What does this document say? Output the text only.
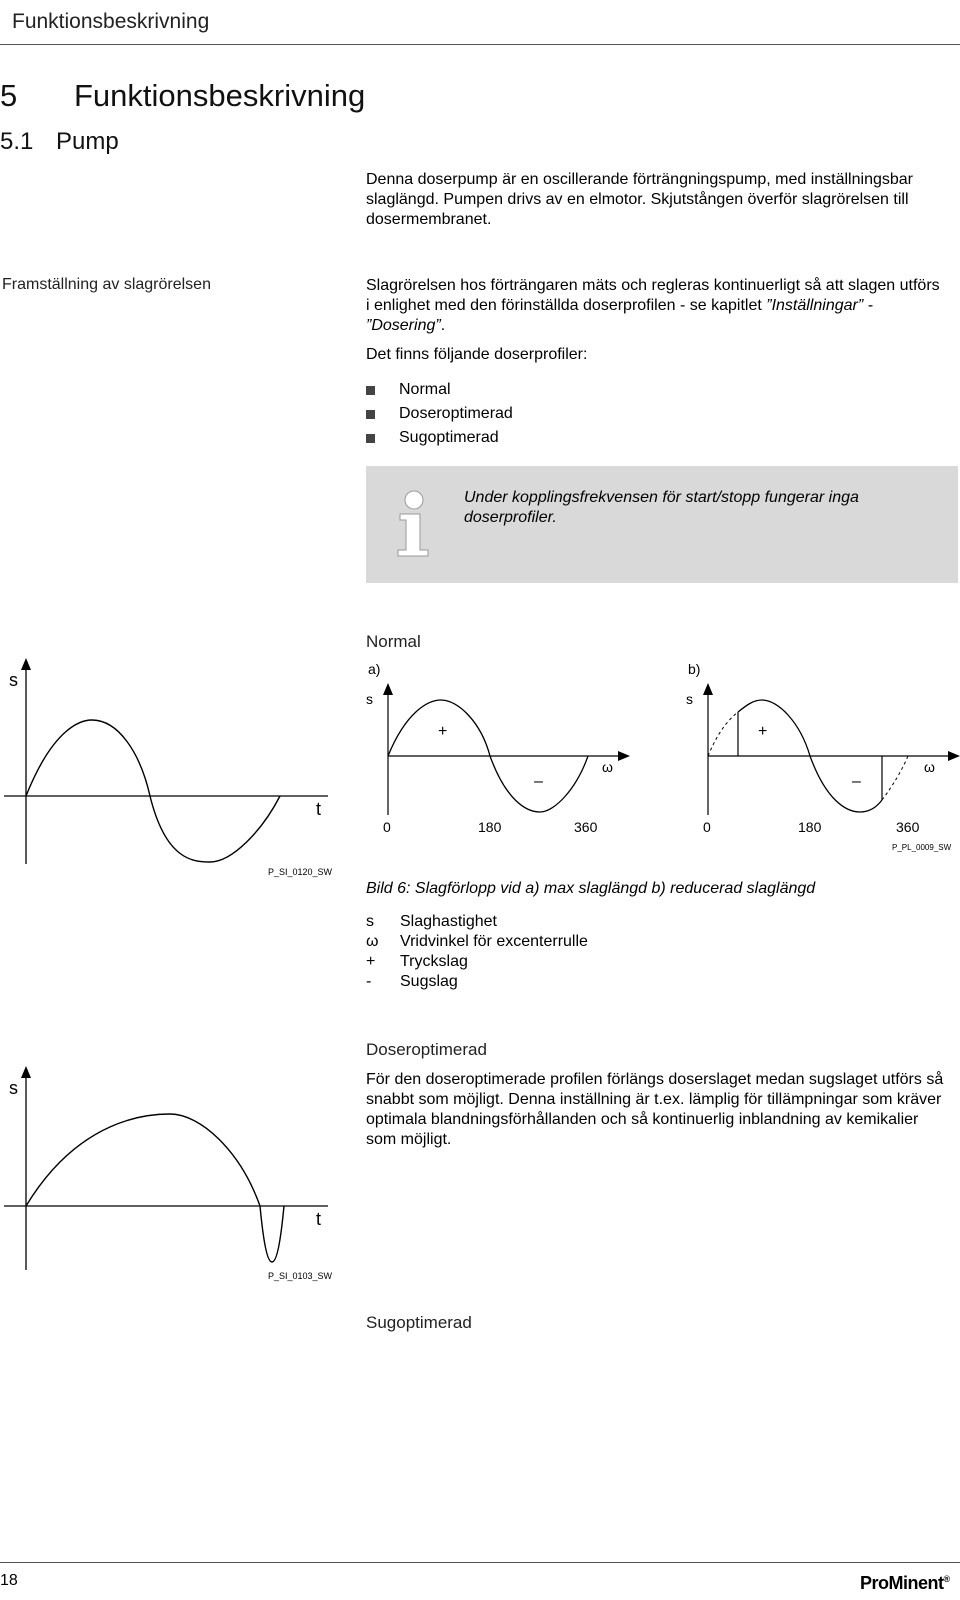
Funktionsbeskrivning
5 Funktionsbeskrivning
5.1 Pump
Denna doserpump är en oscillerande förträngningspump, med inställningsbar slaglängd. Pumpen drivs av en elmotor. Skjutstången överför slagrörelsen till dosermembranet.
Framställning av slagrörelsen	Slagrörelsen hos förträngaren mäts och regleras kontinuerligt så att slagen utförs i enlighet med den förinställda doserprofilen - se kapitlet ”Inställningar” - ”Dosering”.
Det finns följande doserprofiler:
Normal
Doseroptimerad
Sugoptimerad
Under kopplingsfrekvensen för start/stopp fungerar inga doserprofiler.
Normal
s
t
P_SI_0120_SW
a)
s
+
–
ω
0	180	360
b)
s
+
–
ω
0	180	360
P_PL_0009_SW
Bild 6: Slagförlopp vid a) max slaglängd b) reducerad slaglängd
s	Slaghastighet
ω	Vridvinkel för excenterrulle
+	Tryckslag
-	Sugslag
Doseroptimerad
För den doseroptimerade profilen förlängs doserslaget medan sugslaget utförs så snabbt som möjligt. Denna inställning är t.ex. lämplig för tillämpningar som kräver optimala blandningsförhållanden och så kontinuerlig inblandning av kemikalier som möjligt.
s
t
P_SI_0103_SW
Sugoptimerad
18	ProMinent®
